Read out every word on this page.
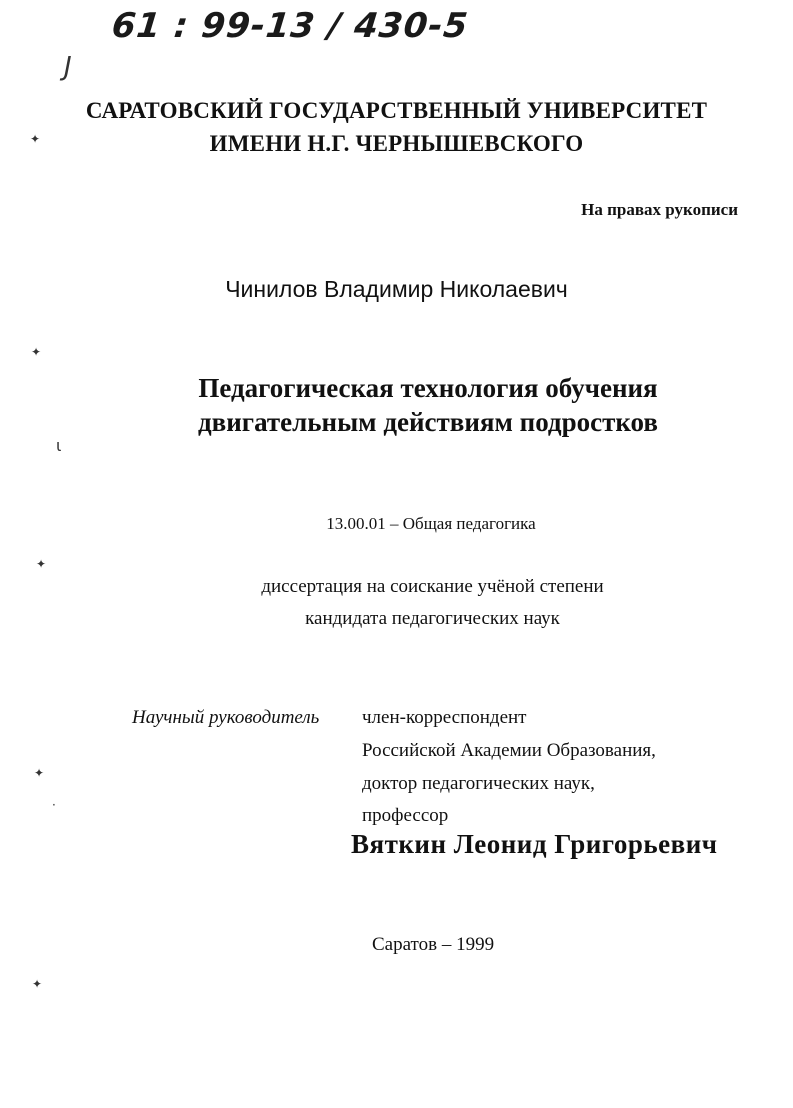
61 : 99-13 / 430-5
J
САРАТОВСКИЙ ГОСУДАРСТВЕННЫЙ УНИВЕРСИТЕТ
ИМЕНИ Н.Г. ЧЕРНЫШЕВСКОГО
На правах рукописи
Чинилов Владимир Николаевич
Педагогическая технология обучения
двигательным действиям подростков
13.00.01 – Общая педагогика
диссертация на соискание учёной степени
кандидата педагогических наук
Научный руководитель член-корреспондент
Российской Академии Образования,
доктор педагогических наук,
профессор
Вяткин Леонид Григорьевич
Саратов – 1999
✦
✦
ι
✦
✦
·
✦
